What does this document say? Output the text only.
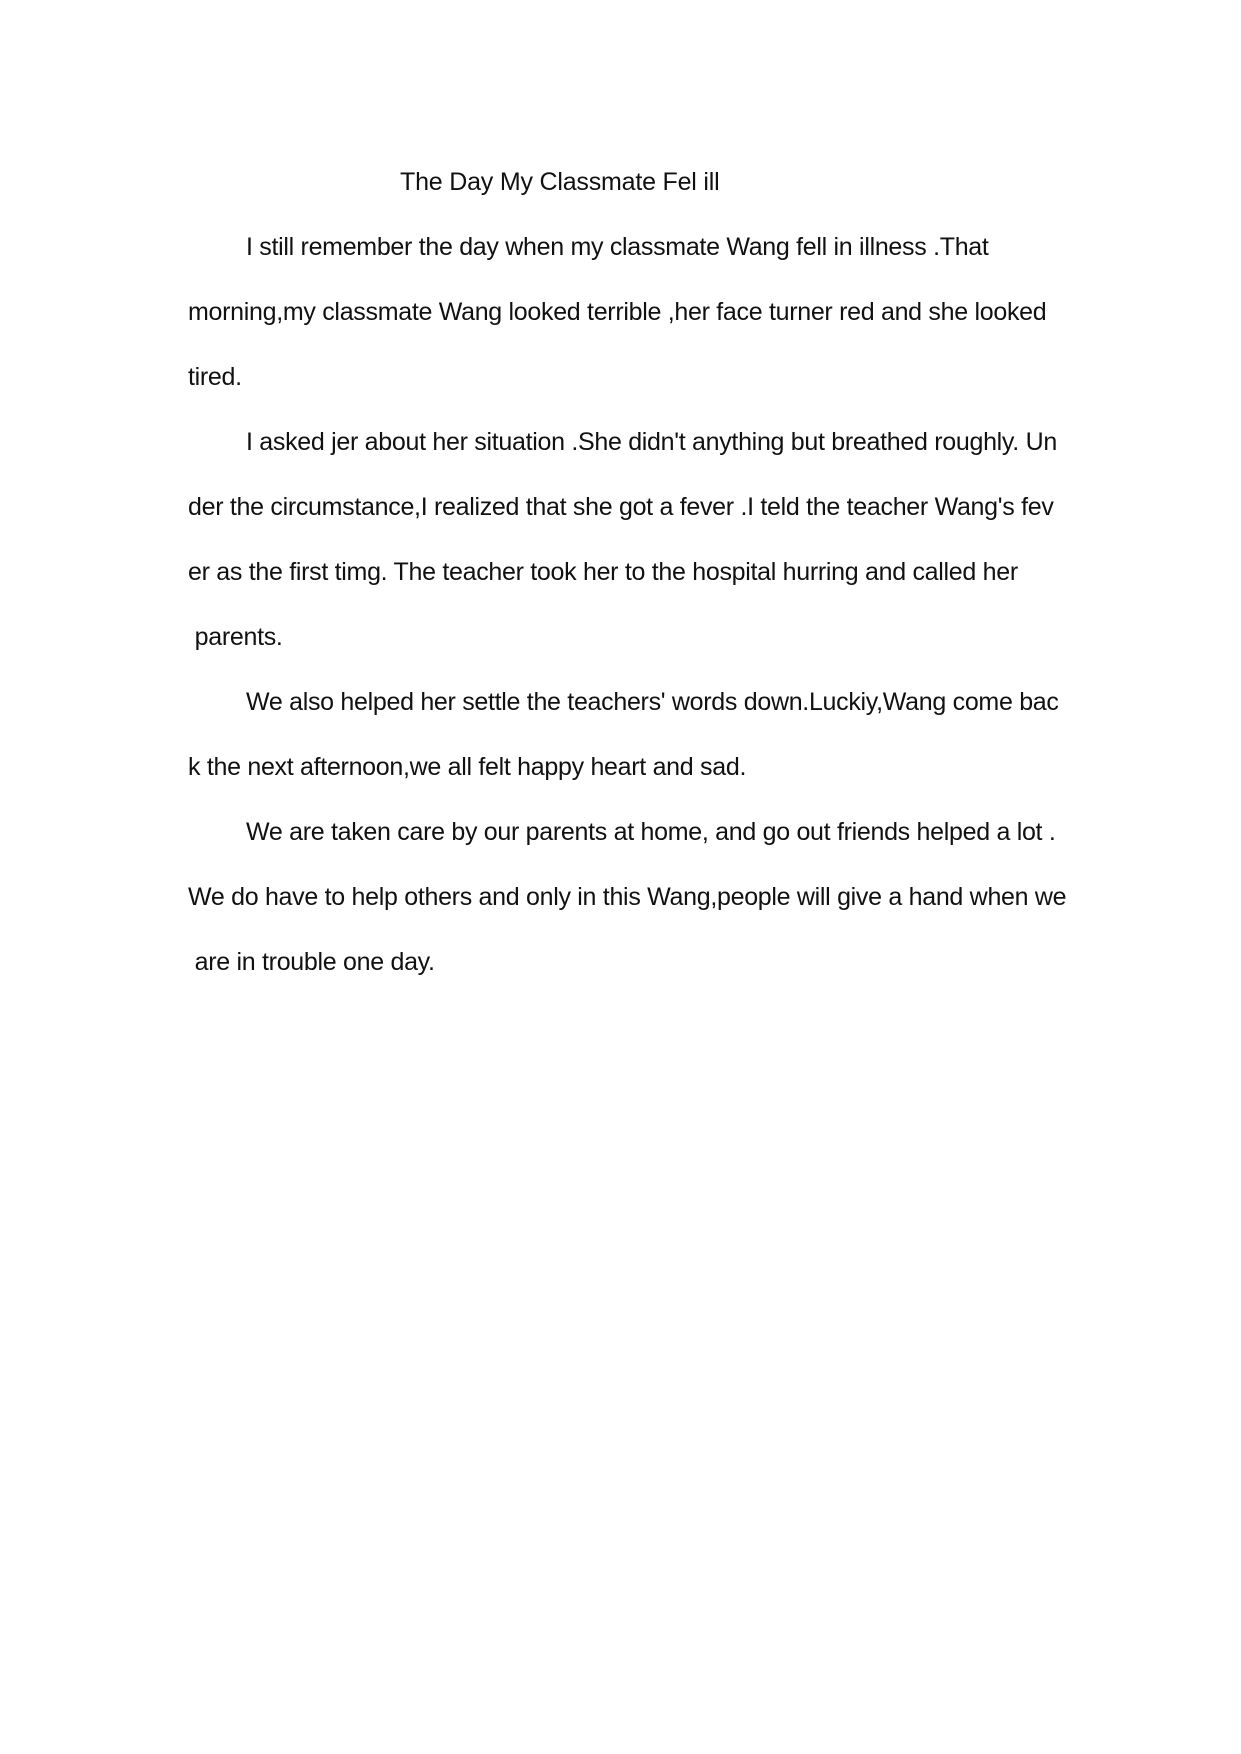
The Day My Classmate Fel ill
I still remember the day when my classmate Wang fell in illness .That
morning,my classmate Wang looked terrible ,her face turner red and she looked
tired.
I asked jer about her situation .She didn't anything but breathed roughly. Un
der the circumstance,I realized that she got a fever .I teld the teacher Wang's fev
er as the first timg. The teacher took her to the hospital hurring and called her
parents.
We also helped her settle the teachers' words down.Luckiy,Wang come bac
k the next afternoon,we all felt happy heart and sad.
We are taken care by our parents at home, and go out friends helped a lot .
We do have to help others and only in this Wang,people will give a hand when we
are in trouble one day.
